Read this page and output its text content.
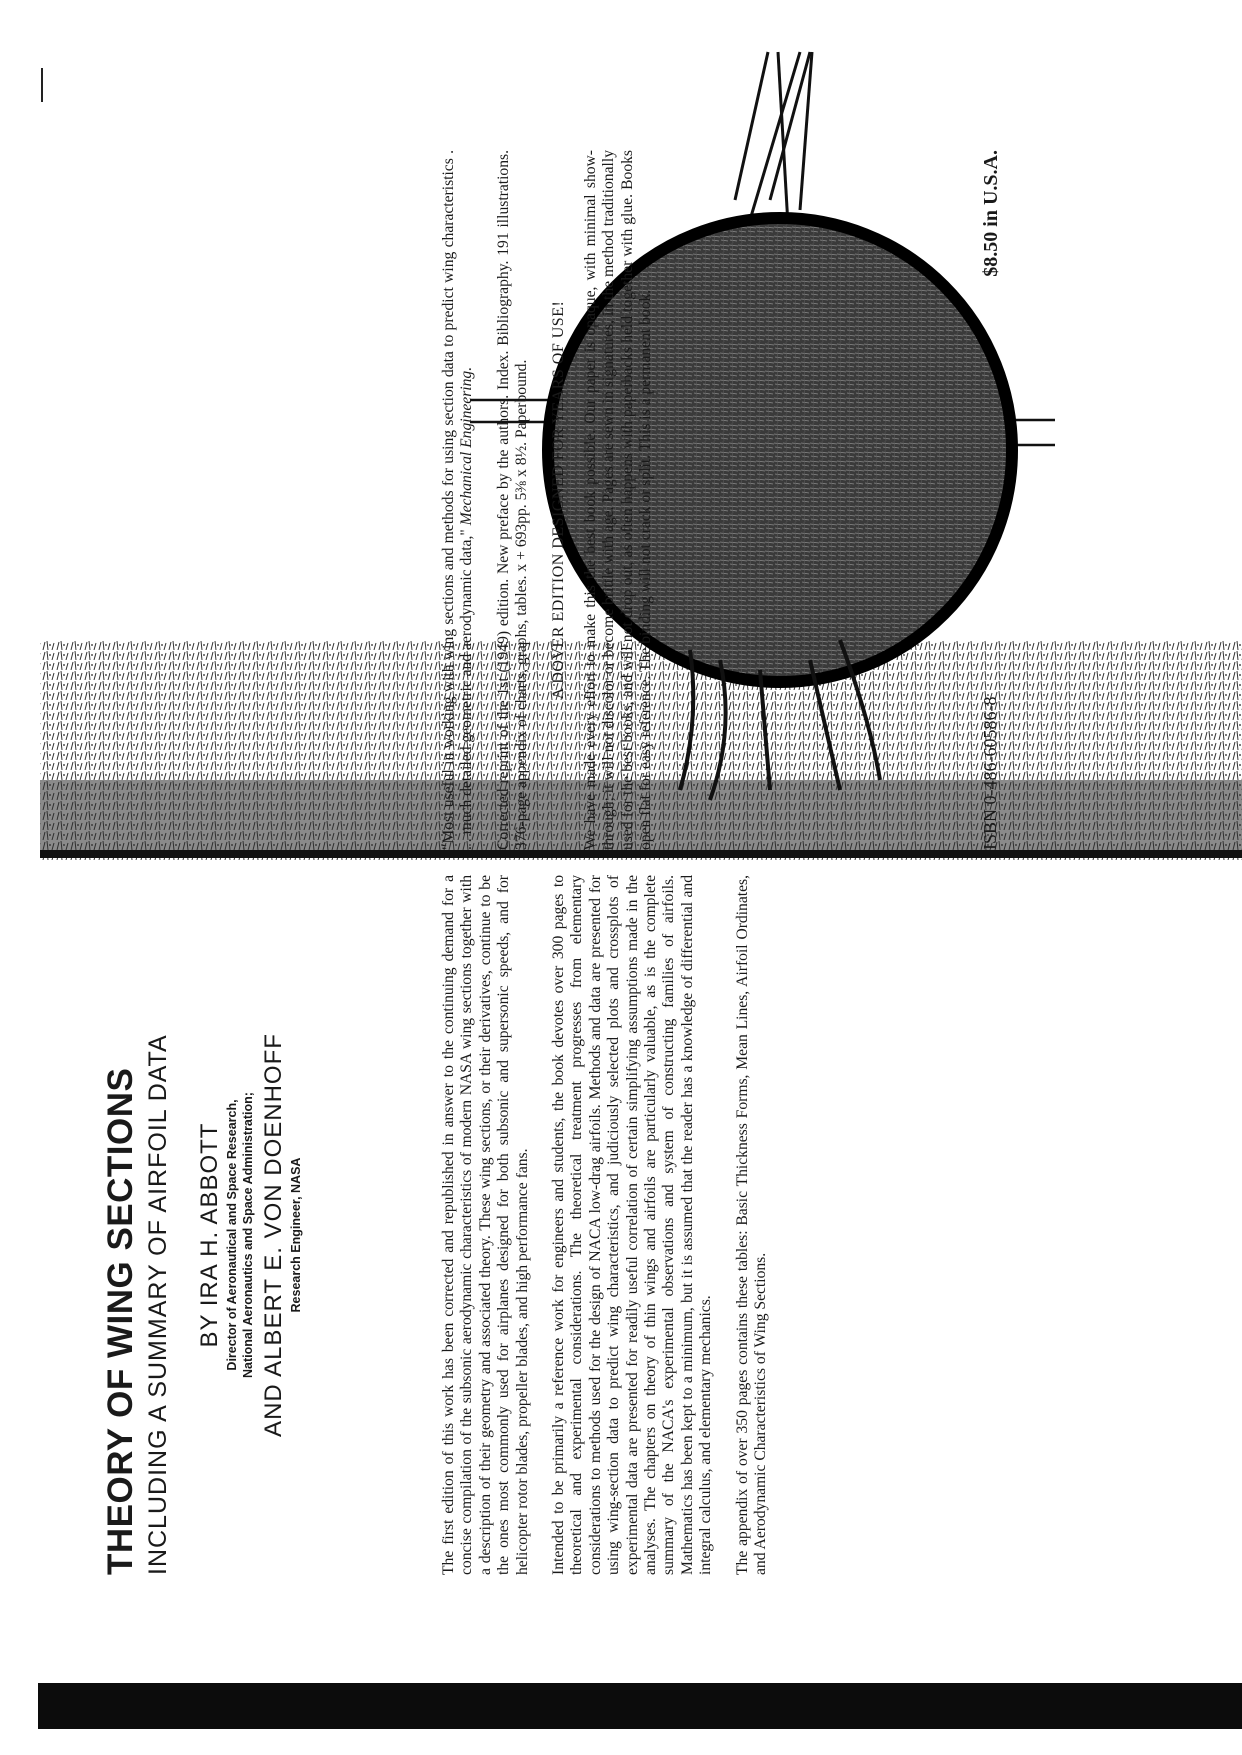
THEORY OF WING SECTIONS INCLUDING A SUMMARY OF AIRFOIL DATA BY IRA H. ABBOTT Director of Aeronautical and Space Research, National Aeronautics and Space Administration; AND ALBERT E. VON DOENHOFF Research Engineer, NASA	The first edition of this work has been corrected and republished in answer to the continuing demand for a concise compilation of the subsonic aerodynamic characteristics of modern NASA wing sections together with a description of their geometry and associated theory. These wing sections, or their derivatives, continue to be the ones most commonly used for airplanes designed for both subsonic and supersonic speeds, and for helicopter rotor blades, propeller blades, and high performance fans. Intended to be primarily a reference work for engineers and students, the book devotes over 300 pages to theoretical and experimental considerations. The theoretical treatment progresses from elementary considerations to methods used for the design of NACA low-drag airfoils. Methods and data are presented for using wing-section data to predict wing characteristics, and judiciously selected plots and crossplots of experimental data are presented for readily useful correlation of certain simplifying assumptions made in the analyses. The chapters on theory of thin wings and airfoils are particularly valuable, as is the complete summary of the NACA's experimental observations and system of constructing families of airfoils. Mathematics has been kept to a minimum, but it is assumed that the reader has a knowledge of differential and integral calculus, and elementary mechanics. The appendix of over 350 pages contains these tables: Basic Thickness Forms, Mean Lines, Airfoil Ordinates, and Aerodynamic Characteristics of Wing Sections.

"Most useful in working with wing sections and methods for using section data to predict wing characteristics . . . much detailed geometric and aerodynamic data," Mechanical Engineering. Corrected reprint of the 1st (1949) edition. New preface by the authors. Index. Bibliography. 191 illustrations. 376-page appendix of charts, graphs, tables. x + 693pp. 5⅜ x 8½. Paperbound. A DOVER EDITION DESIGNED FOR YEARS OF USE! We have made every effort to make this the best book possible. Our paper is opaque, with minimal show-through; it will not discolor or become brittle with age. Pages are sewn in signatures, in the method traditionally used for the best books, and will not drop out, as often happens with paperbacks held together with glue. Books open flat for easy reference. The binding will not crack or split. This is a permanent book.	ISBN 0-486-60586-8
$8.50 in U.S.A.
